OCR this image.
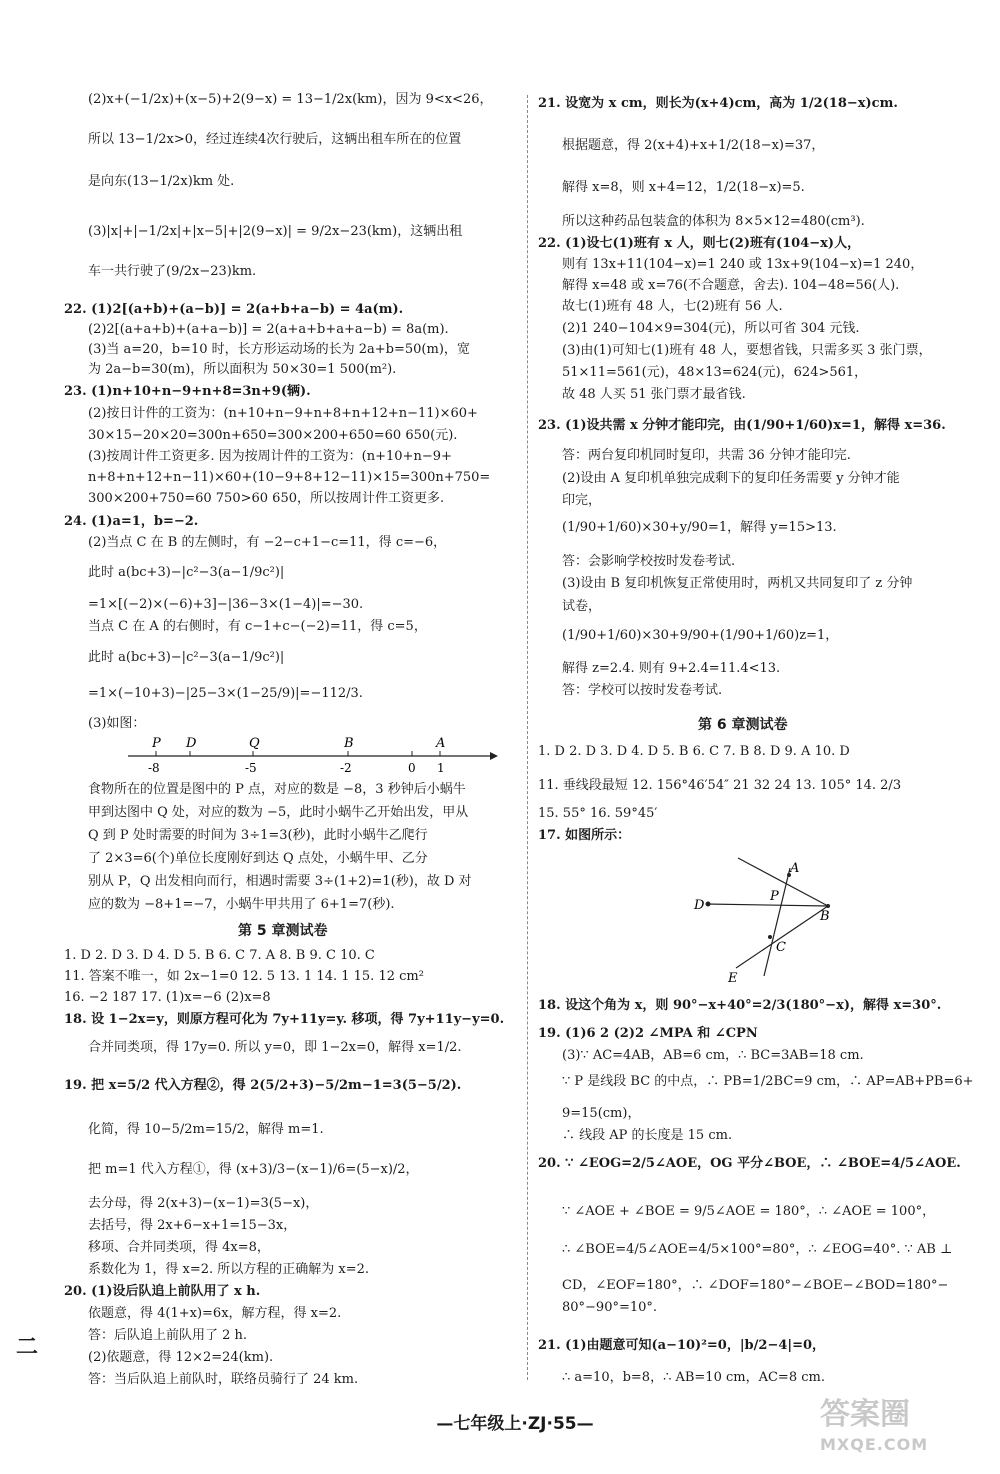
(2)x+(−1/2x)+(x−5)+2(9−x) = 13−1/2x(km)，因为 9<x<26，
所以 13−1/2x>0，经过连续4次行驶后，这辆出租车所在的位置
是向东(13−1/2x)km 处.
(3)|x|+|−1/2x|+|x−5|+|2(9−x)| = 9/2x−23(km)，这辆出租
车一共行驶了(9/2x−23)km.
22. (1)2[(a+b)+(a−b)] = 2(a+b+a−b) = 4a(m).
(2)2[(a+a+b)+(a+a−b)] = 2(a+a+b+a+a−b) = 8a(m).
(3)当 a=20，b=10 时，长方形运动场的长为 2a+b=50(m)，宽
为 2a−b=30(m)，所以面积为 50×30=1 500(m²).
23. (1)n+10+n−9+n+8=3n+9(辆).
(2)按日计件的工资为：(n+10+n−9+n+8+n+12+n−11)×60+
30×15−20×20=300n+650=300×200+650=60 650(元).
(3)按周计件工资更多. 因为按周计件的工资为：(n+10+n−9+
n+8+n+12+n−11)×60+(10−9+8+12−11)×15=300n+750=
300×200+750=60 750>60 650，所以按周计件工资更多.
24. (1)a=1，b=−2.
(2)当点 C 在 B 的左侧时，有 −2−c+1−c=11，得 c=−6，
此时 a(bc+3)−|c²−3(a−1/9c²)|
=1×[(−2)×(−6)+3]−|36−3×(1−4)|=−30.
当点 C 在 A 的右侧时，有 c−1+c−(−2)=11，得 c=5，
此时 a(bc+3)−|c²−3(a−1/9c²)|
=1×(−10+3)−|25−3×(1−25/9)|=−112/3.
(3)如图：
P D	Q	B	A
-8	-5	-2	0 1
食物所在的位置是图中的 P 点，对应的数是 −8，3 秒钟后小蜗牛
甲到达图中 Q 处，对应的数为 −5，此时小蜗牛乙开始出发，甲从
Q 到 P 处时需要的时间为 3÷1=3(秒)，此时小蜗牛乙爬行
了 2×3=6(个)单位长度刚好到达 Q 点处，小蜗牛甲、乙分
别从 P，Q 出发相向而行，相遇时需要 3÷(1+2)=1(秒)，故 D 对
应的数为 −8+1=−7，小蜗牛甲共用了 6+1=7(秒).
第 5 章测试卷
1. D 2. D 3. D 4. D 5. B 6. C 7. A 8. B 9. C 10. C
11. 答案不唯一，如 2x−1=0 12. 5 13. 1 14. 1 15. 12 cm²
16. −2 187 17. (1)x=−6 (2)x=8
18. 设 1−2x=y，则原方程可化为 7y+11y=y. 移项，得 7y+11y−y=0.
合并同类项，得 17y=0. 所以 y=0，即 1−2x=0，解得 x=1/2.
19. 把 x=5/2 代入方程②，得 2(5/2+3)−5/2m−1=3(5−5/2).
化简，得 10−5/2m=15/2，解得 m=1.
把 m=1 代入方程①，得 (x+3)/3−(x−1)/6=(5−x)/2，
去分母，得 2(x+3)−(x−1)=3(5−x)，
去括号，得 2x+6−x+1=15−3x，
移项、合并同类项，得 4x=8，
系数化为 1，得 x=2. 所以方程的正确解为 x=2.
20. (1)设后队追上前队用了 x h.
依题意，得 4(1+x)=6x，解方程，得 x=2.
答：后队追上前队用了 2 h.
(2)依题意，得 12×2=24(km).
答：当后队追上前队时，联络员骑行了 24 km.
21. 设宽为 x cm，则长为(x+4)cm，高为 1/2(18−x)cm.
根据题意，得 2(x+4)+x+1/2(18−x)=37，
解得 x=8，则 x+4=12，1/2(18−x)=5.
所以这种药品包装盒的体积为 8×5×12=480(cm³).
22. (1)设七(1)班有 x 人，则七(2)班有(104−x)人，
则有 13x+11(104−x)=1 240 或 13x+9(104−x)=1 240，
解得 x=48 或 x=76(不合题意，舍去). 104−48=56(人).
故七(1)班有 48 人，七(2)班有 56 人.
(2)1 240−104×9=304(元)，所以可省 304 元钱.
(3)由(1)可知七(1)班有 48 人，要想省钱，只需多买 3 张门票，
51×11=561(元)，48×13=624(元)，624>561，
故 48 人买 51 张门票才最省钱.
23. (1)设共需 x 分钟才能印完，由(1/90+1/60)x=1，解得 x=36.
答：两台复印机同时复印，共需 36 分钟才能印完.
(2)设由 A 复印机单独完成剩下的复印任务需要 y 分钟才能
印完，
(1/90+1/60)×30+y/90=1，解得 y=15>13.
答：会影响学校按时发卷考试.
(3)设由 B 复印机恢复正常使用时，两机又共同复印了 z 分钟
试卷，
(1/90+1/60)×30+9/90+(1/90+1/60)z=1，
解得 z=2.4. 则有 9+2.4=11.4<13.
答：学校可以按时发卷考试.
第 6 章测试卷
1. D 2. D 3. D 4. D 5. B 6. C 7. B 8. D 9. A 10. D
11. 垂线段最短 12. 156°46′54″ 21 32 24 13. 105° 14. 2/3
15. 55° 16. 59°45′
17. 如图所示：
A
P
B
D
C
E
18. 设这个角为 x，则 90°−x+40°=2/3(180°−x)，解得 x=30°.
19. (1)6 2 (2)2 ∠MPA 和 ∠CPN
(3)∵ AC=4AB，AB=6 cm，∴ BC=3AB=18 cm.
∵ P 是线段 BC 的中点，∴ PB=1/2BC=9 cm，∴ AP=AB+PB=6+
9=15(cm)，
∴ 线段 AP 的长度是 15 cm.
20. ∵ ∠EOG=2/5∠AOE，OG 平分∠BOE，∴ ∠BOE=4/5∠AOE.
∵ ∠AOE + ∠BOE = 9/5∠AOE = 180°，∴ ∠AOE = 100°，
∴ ∠BOE=4/5∠AOE=4/5×100°=80°，∴ ∠EOG=40°. ∵ AB ⊥
CD，∠EOF=180°，∴ ∠DOF=180°−∠BOE−∠BOD=180°−
80°−90°=10°.
21. (1)由题意可知(a−10)²=0，|b/2−4|=0，
∴ a=10，b=8，∴ AB=10 cm，AC=8 cm.
二
—七年级上·ZJ·55—	答案圈
MXQE.COM
